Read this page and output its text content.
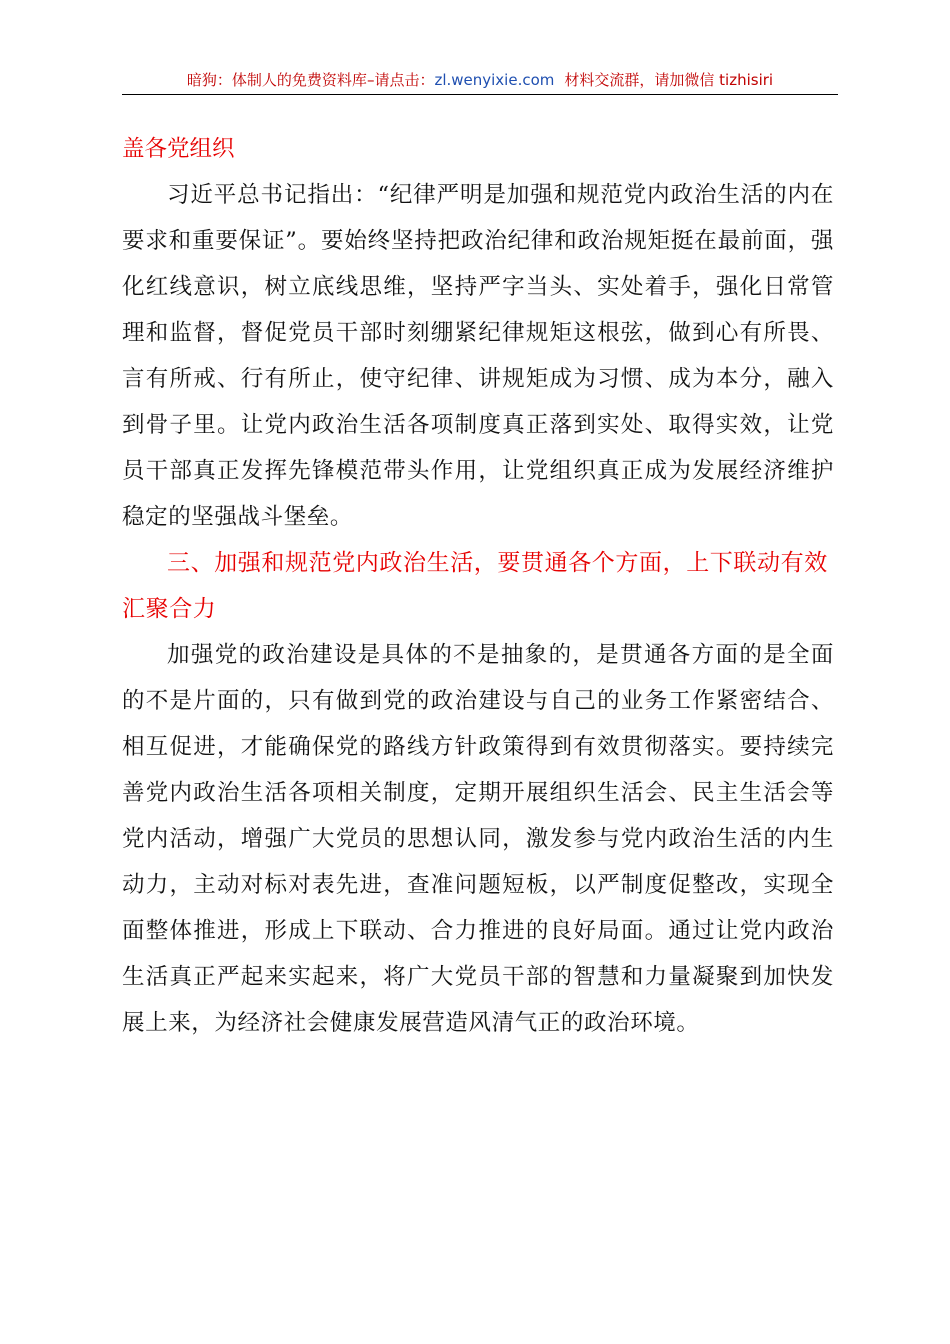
暗狗：体制人的免费资料库–请点击：zl.wenyixie.com 材料交流群，请加微信 tizhisiri

盖各党组织

习近平总书记指出：“纪律严明是加强和规范党内政治生活的内在要求和重要保证”。要始终坚持把政治纪律和政治规矩挺在最前面，强化红线意识，树立底线思维，坚持严字当头、实处着手，强化日常管理和监督，督促党员干部时刻绷紧纪律规矩这根弦，做到心有所畏、言有所戒、行有所止，使守纪律、讲规矩成为习惯、成为本分，融入到骨子里。让党内政治生活各项制度真正落到实处、取得实效，让党员干部真正发挥先锋模范带头作用，让党组织真正成为发展经济维护稳定的坚强战斗堡垒。

三、加强和规范党内政治生活，要贯通各个方面，上下联动有效汇聚合力

加强党的政治建设是具体的不是抽象的，是贯通各方面的是全面的不是片面的，只有做到党的政治建设与自己的业务工作紧密结合、相互促进，才能确保党的路线方针政策得到有效贯彻落实。要持续完善党内政治生活各项相关制度，定期开展组织生活会、民主生活会等党内活动，增强广大党员的思想认同，激发参与党内政治生活的内生动力，主动对标对表先进，查准问题短板，以严制度促整改，实现全面整体推进，形成上下联动、合力推进的良好局面。通过让党内政治生活真正严起来实起来，将广大党员干部的智慧和力量凝聚到加快发展上来，为经济社会健康发展营造风清气正的政治环境。
